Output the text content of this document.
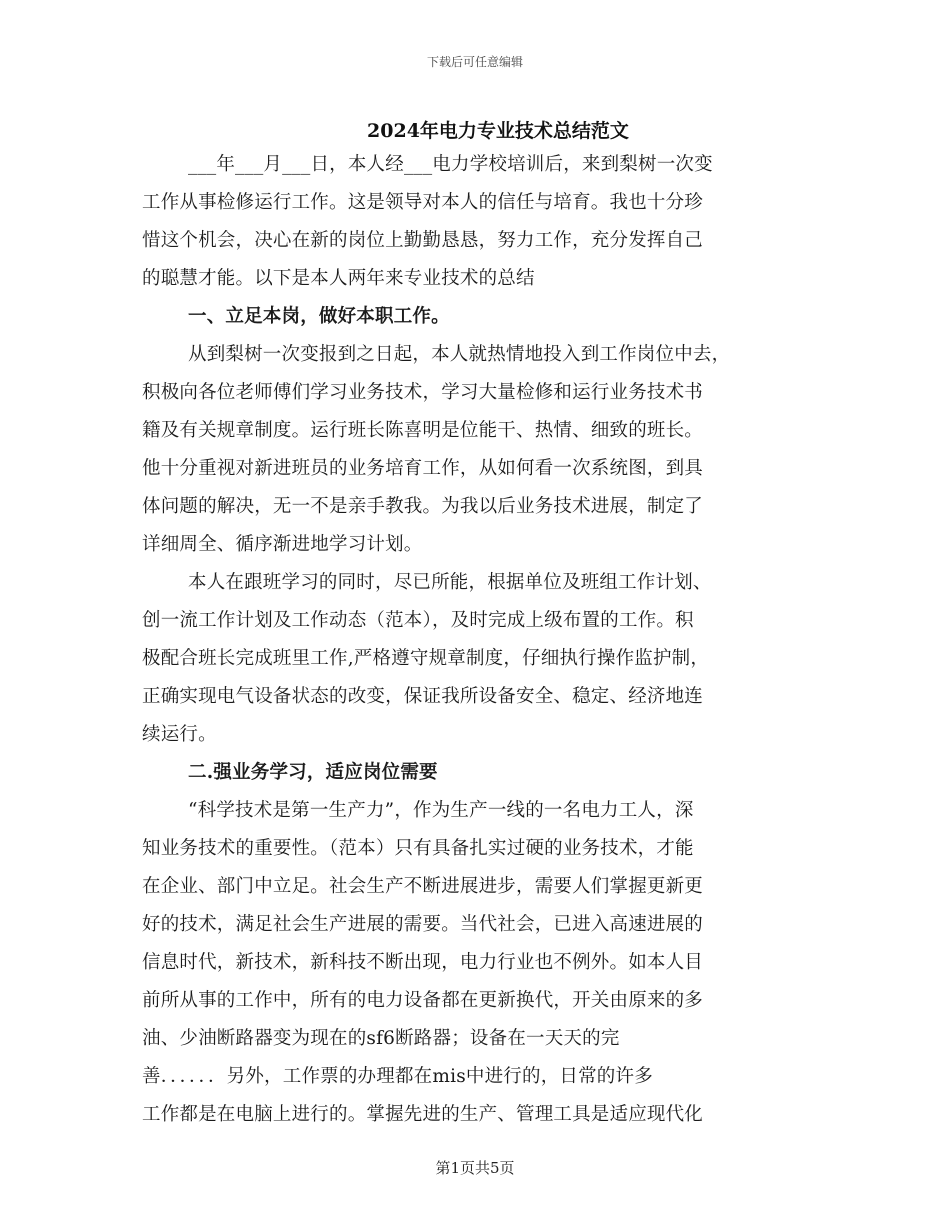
下载后可任意编辑
2024年电力专业技术总结范文
___年___月___日，本人经___电力学校培训后，来到梨树一次变
工作从事检修运行工作。这是领导对本人的信任与培育。我也十分珍
惜这个机会，决心在新的岗位上勤勤恳恳，努力工作，充分发挥自己
的聪慧才能。以下是本人两年来专业技术的总结
一、立足本岗，做好本职工作。
从到梨树一次变报到之日起，本人就热情地投入到工作岗位中去，
积极向各位老师傅们学习业务技术，学习大量检修和运行业务技术书
籍及有关规章制度。运行班长陈喜明是位能干、热情、细致的班长。
他十分重视对新进班员的业务培育工作，从如何看一次系统图，到具
体问题的解决，无一不是亲手教我。为我以后业务技术进展，制定了
详细周全、循序渐进地学习计划。
本人在跟班学习的同时，尽已所能，根据单位及班组工作计划、
创一流工作计划及工作动态（范本），及时完成上级布置的工作。积
极配合班长完成班里工作,严格遵守规章制度，仔细执行操作监护制，
正确实现电气设备状态的改变，保证我所设备安全、稳定、经济地连
续运行。
二.强业务学习，适应岗位需要
“科学技术是第一生产力”，作为生产一线的一名电力工人，深
知业务技术的重要性。（范本）只有具备扎实过硬的业务技术，才能
在企业、部门中立足。社会生产不断进展进步，需要人们掌握更新更
好的技术，满足社会生产进展的需要。当代社会，已进入高速进展的
信息时代，新技术，新科技不断出现，电力行业也不例外。如本人目
前所从事的工作中，所有的电力设备都在更新换代，开关由原来的多
油、少油断路器变为现在的sf6断路器；设备在一天天的完
善．．．．．．另外，工作票的办理都在mis中进行的，日常的许多
工作都是在电脑上进行的。掌握先进的生产、管理工具是适应现代化
第1页共5页
